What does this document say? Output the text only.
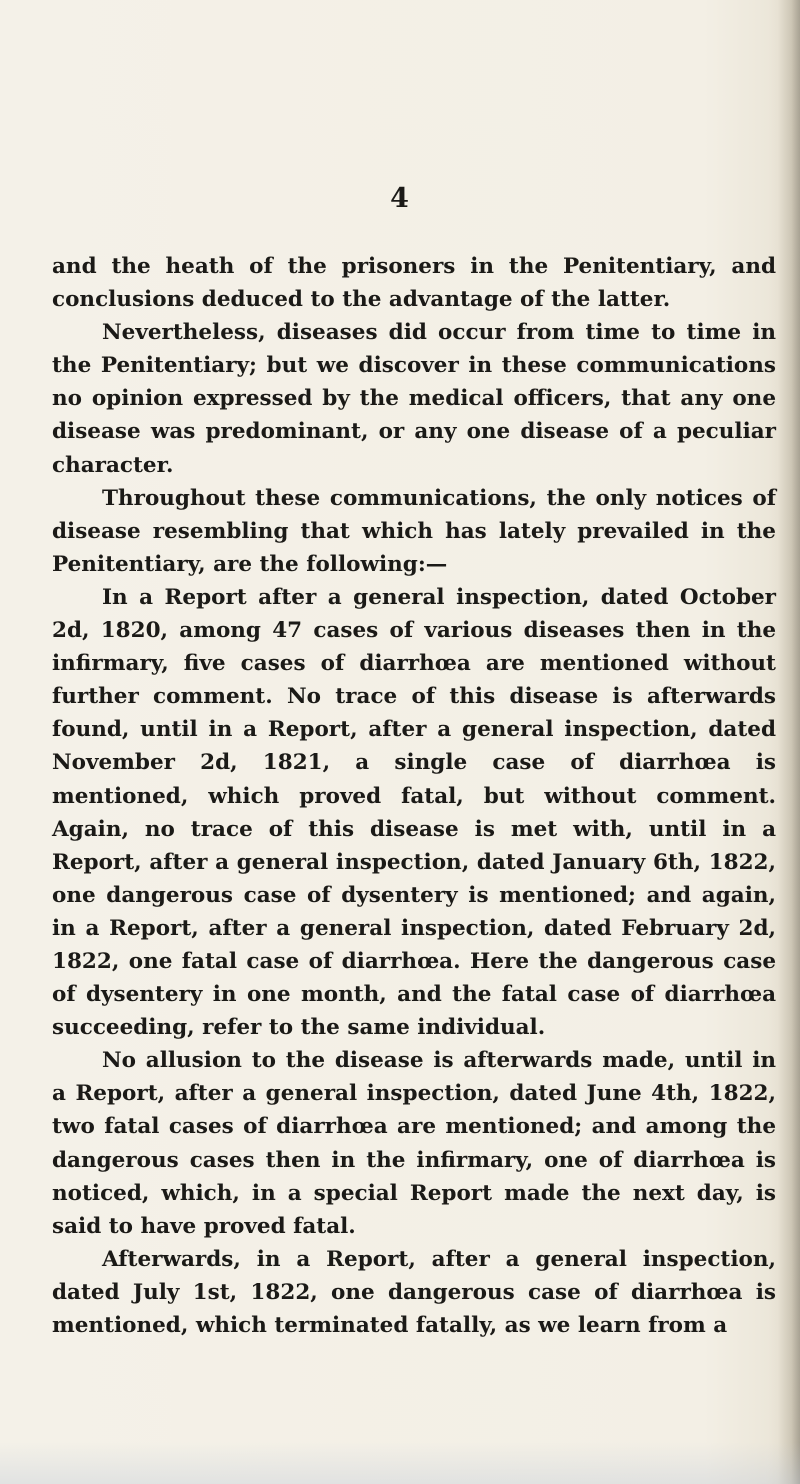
4

and the heath of the prisoners in the Penitentiary, and conclusions deduced to the advantage of the latter.

Nevertheless, diseases did occur from time to time in the Penitentiary; but we discover in these communications no opinion expressed by the medical officers, that any one disease was predominant, or any one disease of a peculiar character.

Throughout these communications, the only notices of disease resembling that which has lately prevailed in the Penitentiary, are the following:—

In a Report after a general inspection, dated October 2d, 1820, among 47 cases of various diseases then in the infirmary, five cases of diarrhœa are mentioned without further comment. No trace of this disease is afterwards found, until in a Report, after a general inspection, dated November 2d, 1821, a single case of diarrhœa is mentioned, which proved fatal, but without comment. Again, no trace of this disease is met with, until in a Report, after a general inspection, dated January 6th, 1822, one dangerous case of dysentery is mentioned; and again, in a Report, after a general inspection, dated February 2d, 1822, one fatal case of diarrhœa. Here the dangerous case of dysentery in one month, and the fatal case of diarrhœa succeeding, refer to the same individual.

No allusion to the disease is afterwards made, until in a Report, after a general inspection, dated June 4th, 1822, two fatal cases of diarrhœa are mentioned; and among the dangerous cases then in the infirmary, one of diarrhœa is noticed, which, in a special Report made the next day, is said to have proved fatal.

Afterwards, in a Report, after a general inspection, dated July 1st, 1822, one dangerous case of diarrhœa is mentioned, which terminated fatally, as we learn from a
